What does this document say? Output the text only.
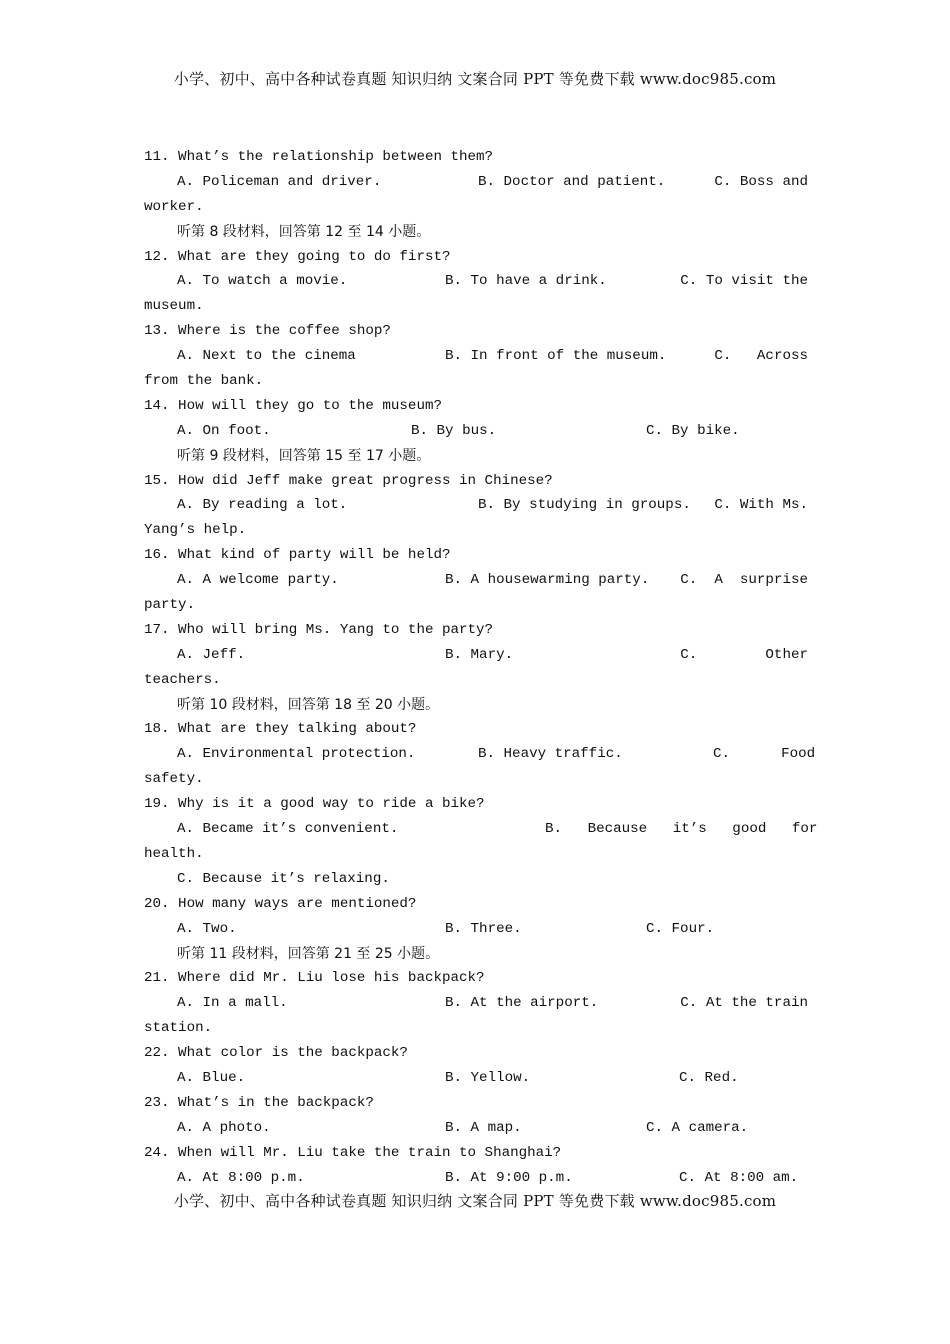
小学、初中、高中各种试卷真题 知识归纳 文案合同 PPT 等免费下载 www.doc985.com
11. What’s the relationship between them?
A. Policeman and driver.	B. Doctor and patient.	C. Boss and
worker.
听第 8 段材料，回答第 12 至 14 小题。
12. What are they going to do first?
A. To watch a movie.	B. To have a drink.	C. To visit the
museum.
13. Where is the coffee shop?
A. Next to the cinema	B. In front of the museum.	C.   Across
from the bank.
14. How will they go to the museum?
A. On foot.	B. By bus.	C. By bike.
听第 9 段材料，回答第 15 至 17 小题。
15. How did Jeff make great progress in Chinese?
A. By reading a lot.	B. By studying in groups.	C. With Ms.
Yang’s help.
16. What kind of party will be held?
A. A welcome party.	B. A housewarming party.	C.  A  surprise
party.
17. Who will bring Ms. Yang to the party?
A. Jeff.	B. Mary.	C.        Other
teachers.
听第 10 段材料，回答第 18 至 20 小题。
18. What are they talking about?
A. Environmental protection.	B. Heavy traffic.	C.      Food
safety.
19. Why is it a good way to ride a bike?
A. Became it’s convenient.	B.   Because   it’s   good   for
health.
C. Because it’s relaxing.
20. How many ways are mentioned?
A. Two.	B. Three.	C. Four.
听第 11 段材料，回答第 21 至 25 小题。
21. Where did Mr. Liu lose his backpack?
A. In a mall.	B. At the airport.	C. At the train
station.
22. What color is the backpack?
A. Blue.	B. Yellow.	C. Red.
23. What’s in the backpack?
A. A photo.	B. A map.	C. A camera.
24. When will Mr. Liu take the train to Shanghai?
A. At 8:00 p.m.	B. At 9:00 p.m.	C. At 8:00 am.
小学、初中、高中各种试卷真题 知识归纳 文案合同 PPT 等免费下载 www.doc985.com
